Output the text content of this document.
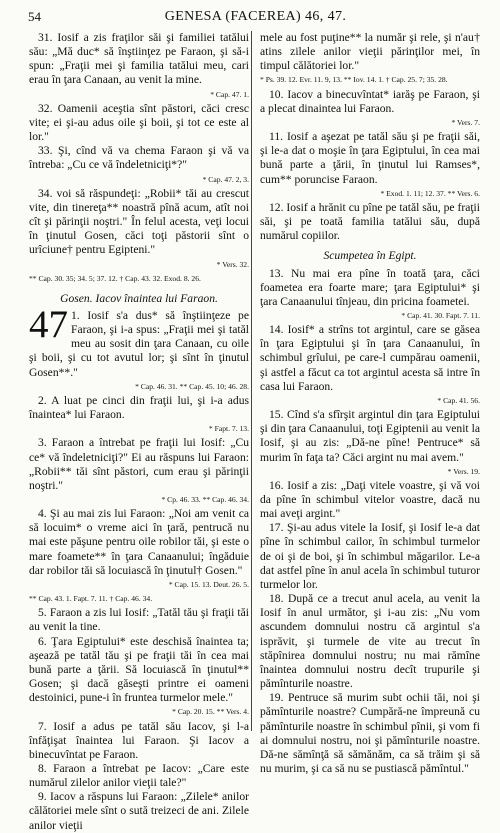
54	GENESA (FACEREA) 46, 47.

31. Iosif a zis fraţilor săi şi familiei tatălui său: „Mă duc* să înştiinţez pe Faraon, şi să-i spun: „Fraţii mei şi familia tatălui meu, cari erau în ţara Canaan, au venit la mine.

* Cap. 47. 1.

32. Oamenii aceştia sînt păstori, căci cresc vite; ei şi-au adus oile şi boii, şi tot ce este al lor."

33. Şi, cînd vă va chema Faraon şi vă va întreba: „Cu ce vă îndeletniciţi*?"

* Cap. 47. 2, 3.

34. voi să răspundeţi: „Robii* tăi au crescut vite, din tinereţa** noastră pînă acum, atît noi cît şi părinţii noştri." În felul acesta, veţi locui în ţinutul Gosen, căci toţi păstorii sînt o urîciune† pentru Egipteni."

* Vers. 32.

** Cap. 30. 35; 34. 5; 37. 12. † Cap. 43. 32. Exod. 8. 26.

Gosen. Iacov înaintea lui Faraon.

47 1. Iosif s'a dus* să înştiinţeze pe Faraon, şi i-a spus: „Fraţii mei şi tatăl meu au sosit din ţara Canaan, cu oile şi boii, şi cu tot avutul lor; şi sînt în ţinutul Gosen**."

* Cap. 46. 31. ** Cap. 45. 10; 46. 28.

2. A luat pe cinci din fraţii lui, şi i-a adus înaintea* lui Faraon.

* Fapt. 7. 13.

3. Faraon a întrebat pe fraţii lui Iosif: „Cu ce* vă îndeletniciţi?" Ei au răspuns lui Faraon: „Robii** tăi sînt păstori, cum erau şi părinţii noştri."

* Cp. 46. 33. ** Cap. 46. 34.

4. Şi au mai zis lui Faraon: „Noi am venit ca să locuim* o vreme aici în ţară, pentrucă nu mai este păşune pentru oile robilor tăi, şi este o mare foamete** în ţara Canaanului; îngăduie dar robilor tăi să locuiască în ţinutul† Gosen."

* Cap. 15. 13. Deut. 26. 5.

** Cap. 43. 1. Fapt. 7. 11. † Cap. 46. 34.

5. Faraon a zis lui Iosif: „Tatăl tău şi fraţii tăi au venit la tine.

6. Ţara Egiptului* este deschisă înaintea ta; aşează pe tatăl tău şi pe fraţii tăi în cea mai bună parte a ţării. Să locuiască în ţinutul** Gosen; şi dacă găseşti printre ei oameni destoinici, pune-i în fruntea turmelor mele."

* Cap. 20. 15. ** Vers. 4.

7. Iosif a adus pe tatăl său Iacov, şi l-a înfăţişat înaintea lui Faraon. Şi Iacov a binecuvîntat pe Faraon.

8. Faraon a întrebat pe Iacov: „Care este numărul zilelor anilor vieţii tale?"

9. Iacov a răspuns lui Faraon: „Zilele* anilor călătoriei mele sînt o sută treizeci de ani. Zilele anilor vieţii

mele au fost puţine** la număr şi rele, şi n'au† atins zilele anilor vieţii părinţilor mei, în timpul călătoriei lor."

* Ps. 39. 12. Evr. 11. 9, 13. ** Iov. 14. 1. † Cap. 25. 7; 35. 28.

10. Iacov a binecuvîntat* iarăş pe Faraon, şi a plecat dinaintea lui Faraon.

* Vers. 7.

11. Iosif a aşezat pe tatăl său şi pe fraţii săi, şi le-a dat o moşie în ţara Egiptului, în cea mai bună parte a ţării, în ţinutul lui Ramses*, cum** poruncise Faraon.

* Exod. 1. 11; 12. 37. ** Vers. 6.

12. Iosif a hrănit cu pîne pe tatăl său, pe fraţii săi, şi pe toată familia tatălui său, după numărul copiilor.

Scumpetea în Egipt.

13. Nu mai era pîne în toată ţara, căci foametea era foarte mare; ţara Egiptului* şi ţara Canaanului tînjeau, din pricina foametei.

* Cap. 41. 30. Fapt. 7. 11.

14. Iosif* a strîns tot argintul, care se găsea în ţara Egiptului şi în ţara Canaanului, în schimbul grîului, pe care-l cumpărau oamenii, şi astfel a făcut ca tot argintul acesta să intre în casa lui Faraon.

* Cap. 41. 56.

15. Cînd s'a sfîrşit argintul din ţara Egiptului şi din ţara Canaanului, toţi Egiptenii au venit la Iosif, şi au zis: „Dă-ne pîne! Pentruce* să murim în faţa ta? Căci argint nu mai avem."

* Vers. 19.

16. Iosif a zis: „Daţi vitele voastre, şi vă voi da pîne în schimbul vitelor voastre, dacă nu mai aveţi argint."

17. Şi-au adus vitele la Iosif, şi Iosif le-a dat pîne în schimbul cailor, în schimbul turmelor de oi şi de boi, şi în schimbul măgarilor. Le-a dat astfel pîne în anul acela în schimbul tuturor turmelor lor.

18. După ce a trecut anul acela, au venit la Iosif în anul următor, şi i-au zis: „Nu vom ascundem domnului nostru că argintul s'a isprăvit, şi turmele de vite au trecut în stăpînirea domnului nostru; nu mai rămîne înaintea domnului nostru decît trupurile şi pămînturile noastre.

19. Pentruce să murim subt ochii tăi, noi şi pămînturile noastre? Cumpără-ne împreună cu pămînturile noastre în schimbul pînii, şi vom fi ai domnului nostru, noi şi pămînturile noastre. Dă-ne sămînţă să sămănăm, ca să trăim şi să nu murim, şi ca să nu se pustiască pămîntul."
